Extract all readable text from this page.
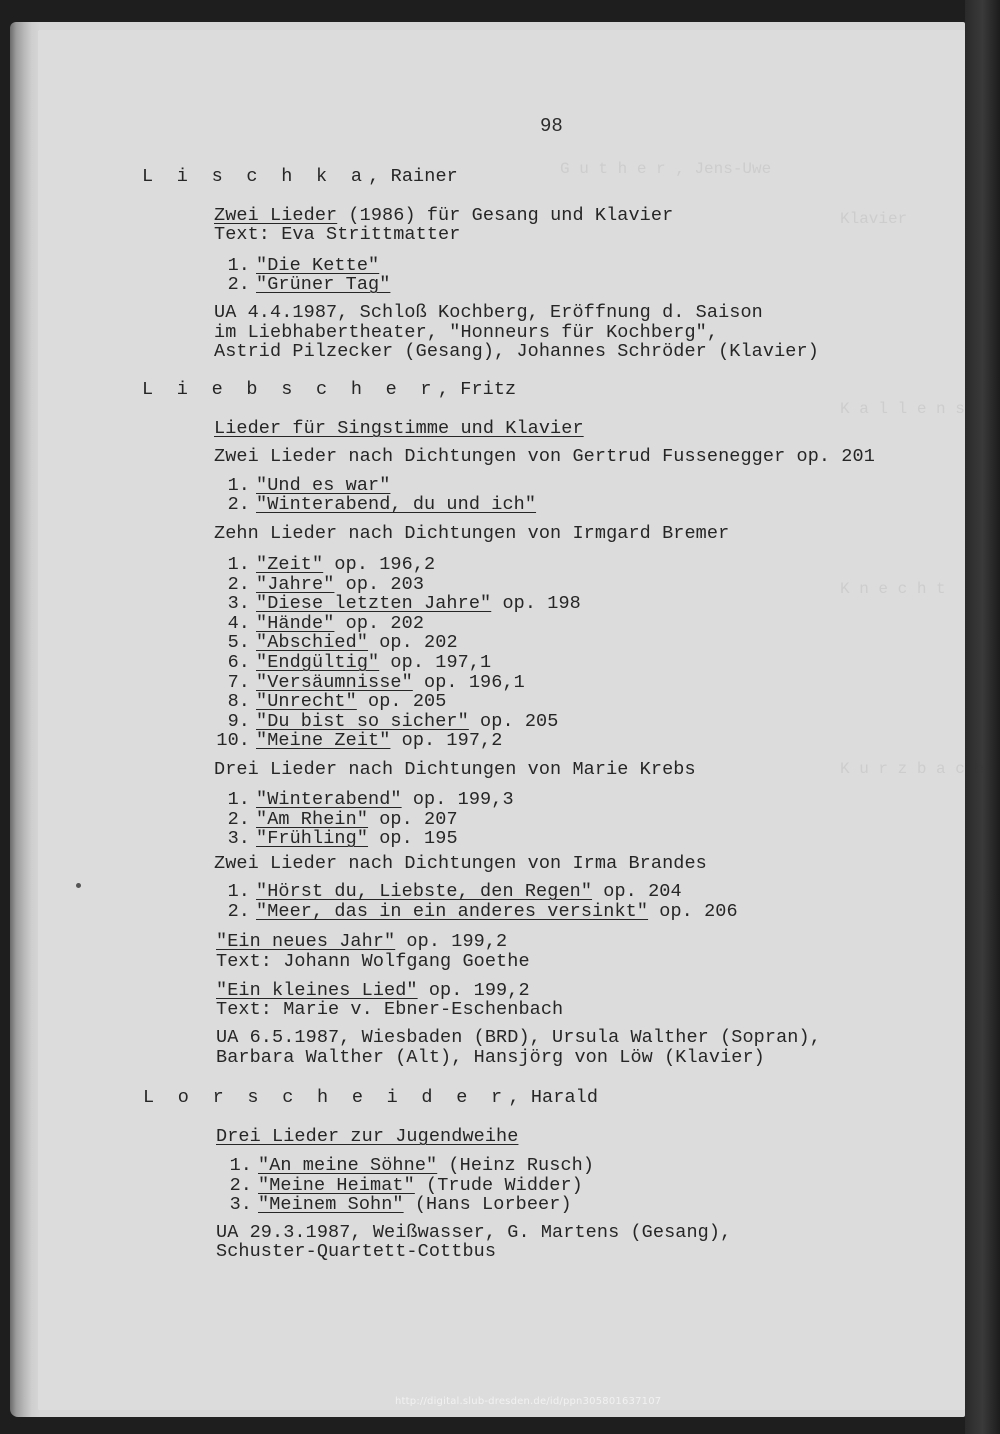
G u t h e r , Jens-Uwe
Klavier
K a l l e n s
K n e c h t
K u r z b a c h
98
L i s c h k a, Rainer
Zwei Lieder (1986) für Gesang und Klavier
Text: Eva Strittmatter
1. "Die Kette"
2. "Grüner Tag"
UA 4.4.1987, Schloß Kochberg, Eröffnung d. Saison
im Liebhabertheater, "Honneurs für Kochberg",
Astrid Pilzecker (Gesang), Johannes Schröder (Klavier)
L i e b s c h e r, Fritz
Lieder für Singstimme und Klavier
Zwei Lieder nach Dichtungen von Gertrud Fussenegger op. 201
1. "Und es war"
2. "Winterabend, du und ich"
Zehn Lieder nach Dichtungen von Irmgard Bremer
1. "Zeit" op. 196,2
2. "Jahre" op. 203
3. "Diese letzten Jahre" op. 198
4. "Hände" op. 202
5. "Abschied" op. 202
6. "Endgültig" op. 197,1
7. "Versäumnisse" op. 196,1
8. "Unrecht" op. 205
9. "Du bist so sicher" op. 205
10. "Meine Zeit" op. 197,2
Drei Lieder nach Dichtungen von Marie Krebs
1. "Winterabend" op. 199,3
2. "Am Rhein" op. 207
3. "Frühling" op. 195
Zwei Lieder nach Dichtungen von Irma Brandes
1. "Hörst du, Liebste, den Regen" op. 204
2. "Meer, das in ein anderes versinkt" op. 206
"Ein neues Jahr" op. 199,2
Text: Johann Wolfgang Goethe
"Ein kleines Lied" op. 199,2
Text: Marie v. Ebner-Eschenbach
UA 6.5.1987, Wiesbaden (BRD), Ursula Walther (Sopran),
Barbara Walther (Alt), Hansjörg von Löw (Klavier)
L o r s c h e i d e r, Harald
Drei Lieder zur Jugendweihe
1. "An meine Söhne" (Heinz Rusch)
2. "Meine Heimat" (Trude Widder)
3. "Meinem Sohn" (Hans Lorbeer)
UA 29.3.1987, Weißwasser, G. Martens (Gesang),
Schuster-Quartett-Cottbus
http://digital.slub-dresden.de/id/ppn305801637107
